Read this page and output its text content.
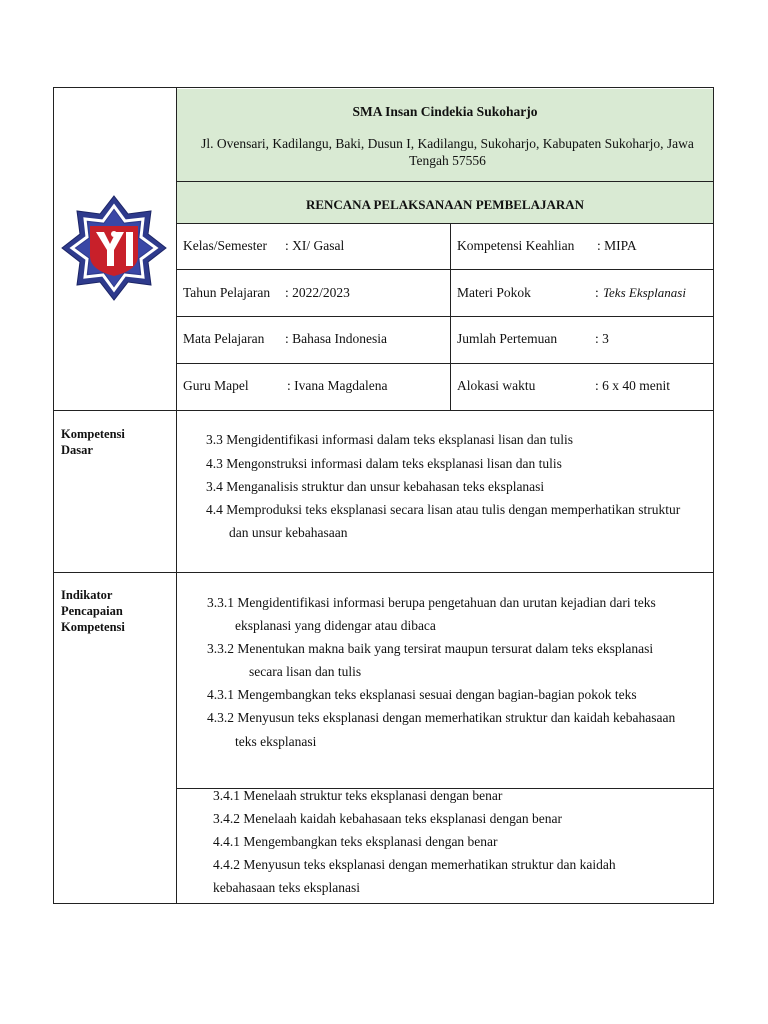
SMA Insan Cindekia Sukoharjo
Jl. Ovensari, Kadilangu, Baki, Dusun I, Kadilangu, Sukoharjo, Kabupaten Sukoharjo, Jawa Tengah 57556
RENCANA PELAKSANAAN PEMBELAJARAN
Kelas/Semester : XI/ Gasal	Kompetensi Keahlian : MIPA
Tahun Pelajaran : 2022/2023	Materi Pokok	: Teks Eksplanasi
Mata Pelajaran : Bahasa Indonesia	Jumlah Pertemuan	: 3
Guru Mapel	: Ivana Magdalena	Alokasi waktu	: 6 x 40 menit
Kompetensi
Dasar
3.3 Mengidentifikasi informasi dalam teks eksplanasi lisan dan tulis
4.3 Mengonstruksi informasi dalam teks eksplanasi lisan dan tulis
3.4 Menganalisis struktur dan unsur kebahasan teks eksplanasi
4.4 Memproduksi teks eksplanasi secara lisan atau tulis dengan memperhatikan struktur
dan unsur kebahasaan
Indikator
Pencapaian
Kompetensi
3.3.1 Mengidentifikasi informasi berupa pengetahuan dan urutan kejadian dari teks
eksplanasi yang didengar atau dibaca
3.3.2 Menentukan makna baik yang tersirat maupun tersurat dalam teks eksplanasi
secara lisan dan tulis
4.3.1 Mengembangkan teks eksplanasi sesuai dengan bagian-bagian pokok teks
4.3.2 Menyusun teks eksplanasi dengan memerhatikan struktur dan kaidah kebahasaan
teks eksplanasi
3.4.1 Menelaah struktur teks eksplanasi dengan benar
3.4.2 Menelaah kaidah kebahasaan teks eksplanasi dengan benar
4.4.1 Mengembangkan teks eksplanasi dengan benar
4.4.2 Menyusun teks eksplanasi dengan memerhatikan struktur dan kaidah
kebahasaan teks eksplanasi
